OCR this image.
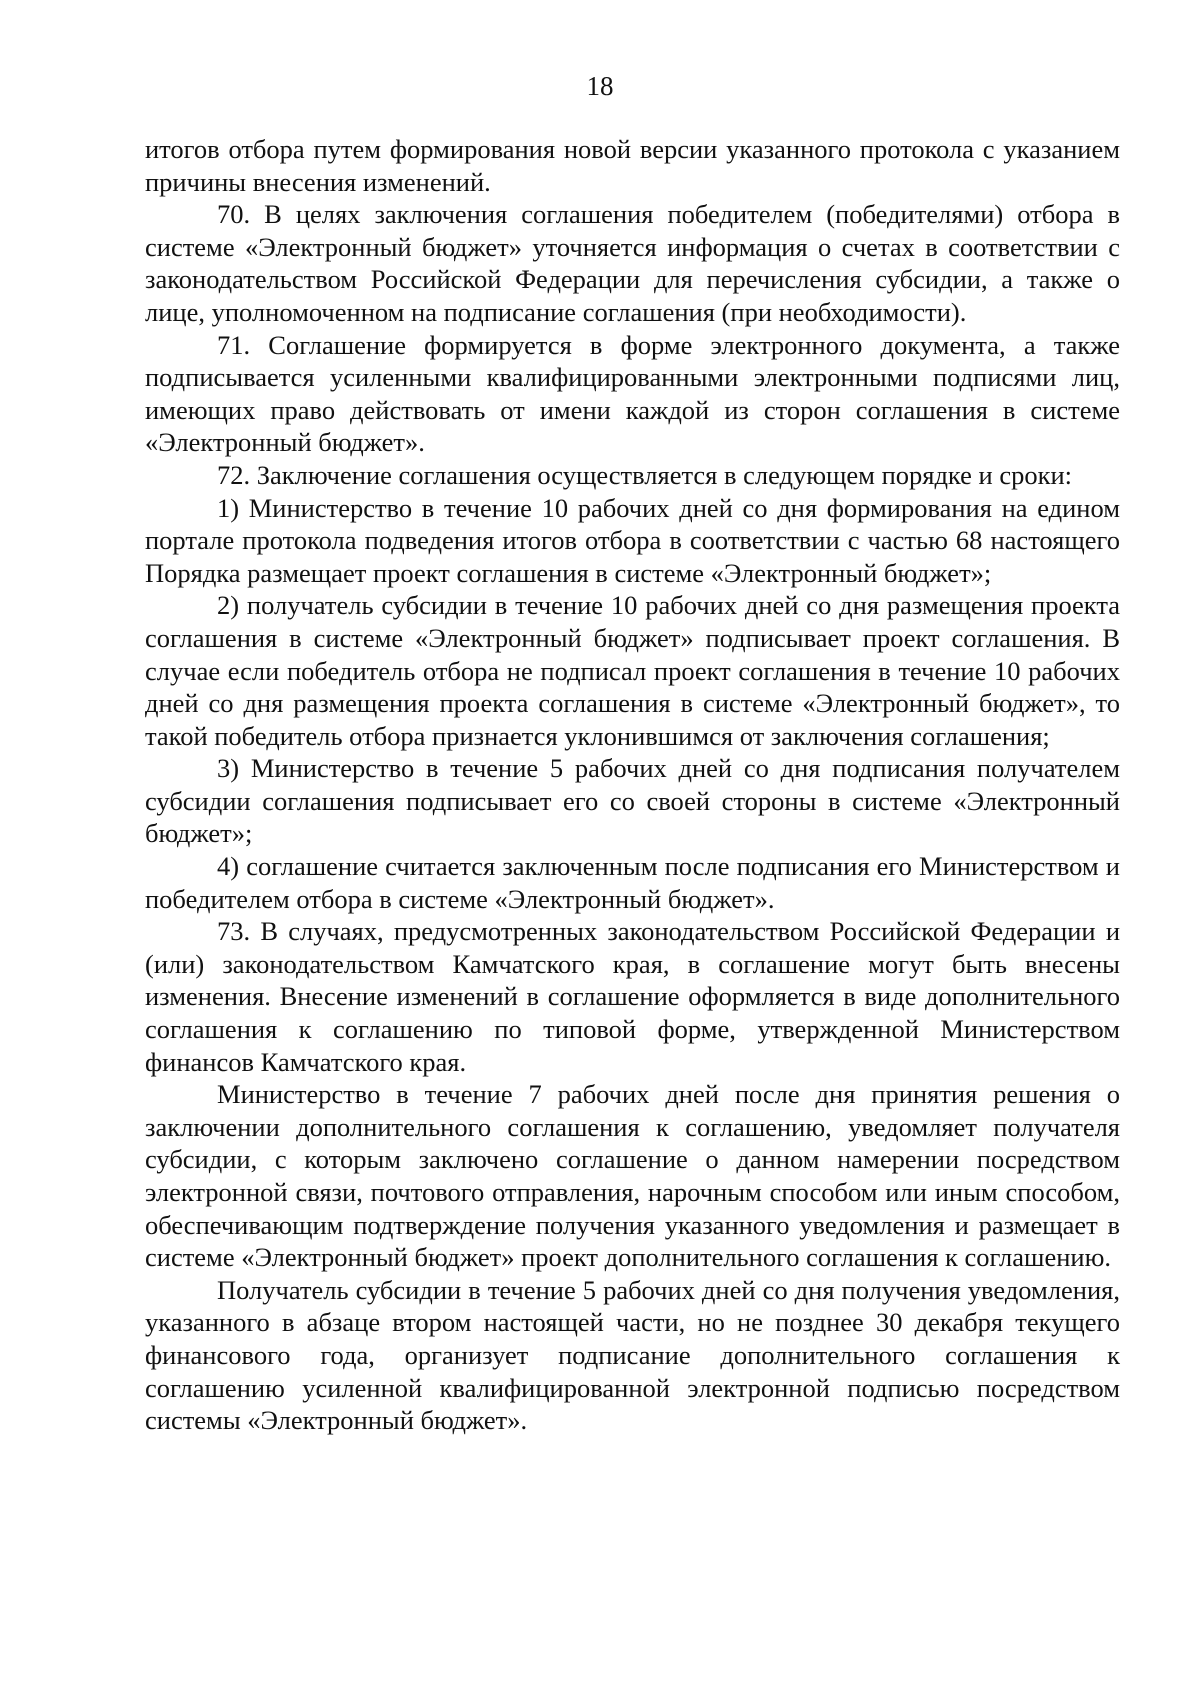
18

итогов отбора путем формирования новой версии указанного протокола с указанием причины внесения изменений.

70. В целях заключения соглашения победителем (победителями) отбора в системе «Электронный бюджет» уточняется информация о счетах в соответствии с законодательством Российской Федерации для перечисления субсидии, а также о лице, уполномоченном на подписание соглашения (при необходимости).

71. Соглашение формируется в форме электронного документа, а также подписывается усиленными квалифицированными электронными подписями лиц, имеющих право действовать от имени каждой из сторон соглашения в системе «Электронный бюджет».

72. Заключение соглашения осуществляется в следующем порядке и сроки:

1) Министерство в течение 10 рабочих дней со дня формирования на едином портале протокола подведения итогов отбора в соответствии с частью 68 настоящего Порядка размещает проект соглашения в системе «Электронный бюджет»;

2) получатель субсидии в течение 10 рабочих дней со дня размещения проекта соглашения в системе «Электронный бюджет» подписывает проект соглашения. В случае если победитель отбора не подписал проект соглашения в течение 10 рабочих дней со дня размещения проекта соглашения в системе «Электронный бюджет», то такой победитель отбора признается уклонившимся от заключения соглашения;

3) Министерство в течение 5 рабочих дней со дня подписания получателем субсидии соглашения подписывает его со своей стороны в системе «Электронный бюджет»;

4) соглашение считается заключенным после подписания его Министерством и победителем отбора в системе «Электронный бюджет».

73. В случаях, предусмотренных законодательством Российской Федерации и (или) законодательством Камчатского края, в соглашение могут быть внесены изменения. Внесение изменений в соглашение оформляется в виде дополнительного соглашения к соглашению по типовой форме, утвержденной Министерством финансов Камчатского края.

Министерство в течение 7 рабочих дней после дня принятия решения о заключении дополнительного соглашения к соглашению, уведомляет получателя субсидии, с которым заключено соглашение о данном намерении посредством электронной связи, почтового отправления, нарочным способом или иным способом, обеспечивающим подтверждение получения указанного уведомления и размещает в системе «Электронный бюджет» проект дополнительного соглашения к соглашению.

Получатель субсидии в течение 5 рабочих дней со дня получения уведомления, указанного в абзаце втором настоящей части, но не позднее 30 декабря текущего финансового года, организует подписание дополнительного соглашения к соглашению усиленной квалифицированной электронной подписью посредством системы «Электронный бюджет».
